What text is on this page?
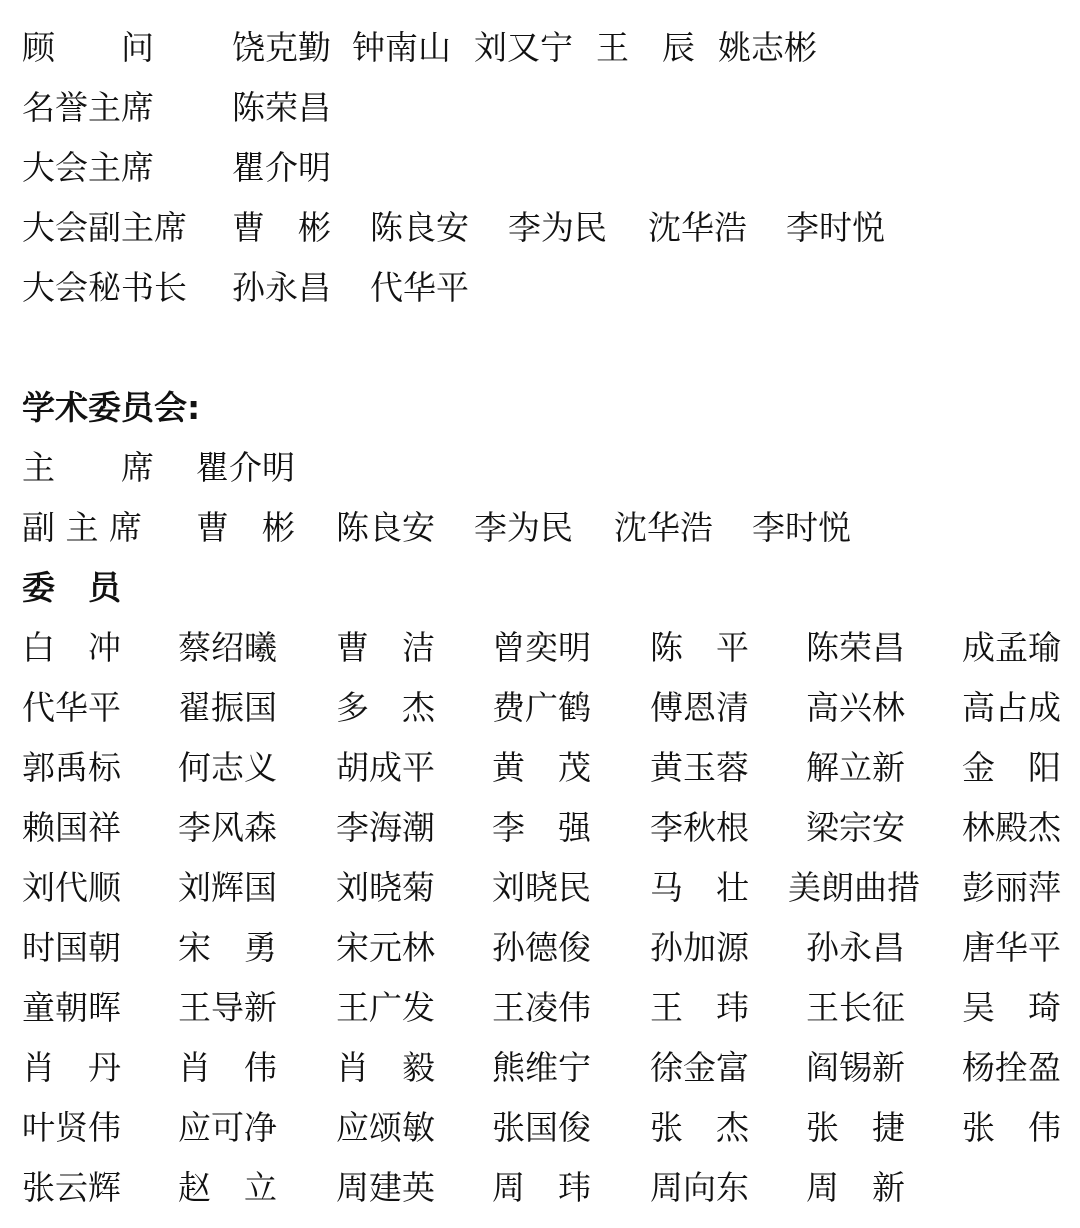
顾　　问 饶克勤 钟南山 刘又宁 王　辰 姚志彬
名誉主席 陈荣昌
大会主席 瞿介明
大会副主席 曹　彬 陈良安 李为民 沈华浩 李时悦
大会秘书长 孙永昌 代华平
学术委员会:
主　　席 瞿介明
副 主 席 曹　彬 陈良安 李为民 沈华浩 李时悦
委　员
白　冲 蔡绍曦 曹　洁 曾奕明 陈　平 陈荣昌 成孟瑜
代华平 翟振国 多　杰 费广鹤 傅恩清 高兴林 高占成
郭禹标 何志义 胡成平 黄　茂 黄玉蓉 解立新 金　阳
赖国祥 李风森 李海潮 李　强 李秋根 梁宗安 林殿杰
刘代顺 刘辉国 刘晓菊 刘晓民 马　壮 美朗曲措 彭丽萍
时国朝 宋　勇 宋元林 孙德俊 孙加源 孙永昌 唐华平
童朝晖 王导新 王广发 王凌伟 王　玮 王长征 吴　琦
肖　丹 肖　伟 肖　毅 熊维宁 徐金富 阎锡新 杨拴盈
叶贤伟 应可净 应颂敏 张国俊 张　杰 张　捷 张　伟
张云辉 赵　立 周建英 周　玮 周向东 周　新
